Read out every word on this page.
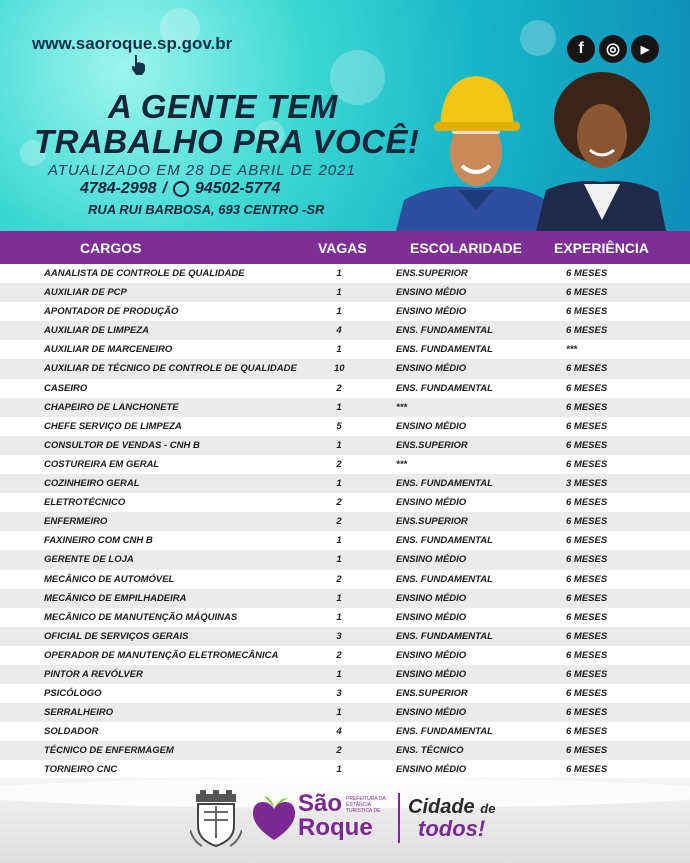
www.saoroque.sp.gov.br	f ◎ ▶
A GENTE TEM
TRABALHO PRA VOCÊ!
ATUALIZADO EM 28 DE ABRIL DE 2021
4784-2998 / 94502-5774
RUA RUI BARBOSA, 693 CENTRO -SR
CARGOS	VAGAS	ESCOLARIDADE EXPERIÊNCIA
AANALISTA DE CONTROLE DE QUALIDADE	1	ENS.SUPERIOR	6 MESES
AUXILIAR DE PCP	1	ENSINO MÉDIO	6 MESES
APONTADOR DE PRODUÇÃO	1	ENSINO MÉDIO	6 MESES
AUXILIAR DE LIMPEZA	4	ENS. FUNDAMENTAL	6 MESES
AUXILIAR DE MARCENEIRO	1	ENS. FUNDAMENTAL	***
AUXILIAR DE TÉCNICO DE CONTROLE DE QUALIDADE	10	ENSINO MÉDIO	6 MESES
CASEIRO	2	ENS. FUNDAMENTAL	6 MESES
CHAPEIRO DE LANCHONETE	1	***	6 MESES
CHEFE SERVIÇO DE LIMPEZA	5	ENSINO MÉDIO	6 MESES
CONSULTOR DE VENDAS - CNH B	1	ENS.SUPERIOR	6 MESES
COSTUREIRA EM GERAL	2	***	6 MESES
COZINHEIRO GERAL	1	ENS. FUNDAMENTAL	3 MESES
ELETROTÉCNICO	2	ENSINO MÉDIO	6 MESES
ENFERMEIRO	2	ENS.SUPERIOR	6 MESES
FAXINEIRO COM CNH B	1	ENS. FUNDAMENTAL	6 MESES
GERENTE DE LOJA	1	ENSINO MÉDIO	6 MESES
MECÂNICO DE AUTOMÓVEL	2	ENS. FUNDAMENTAL	6 MESES
MECÂNICO DE EMPILHADEIRA	1	ENSINO MÉDIO	6 MESES
MECÂNICO DE MANUTENÇÃO MÁQUINAS	1	ENSINO MÉDIO	6 MESES
OFICIAL DE SERVIÇOS GERAIS	3	ENS. FUNDAMENTAL	6 MESES
OPERADOR DE MANUTENÇÃO ELETROMECÂNICA	2	ENSINO MÉDIO	6 MESES
PINTOR A REVÓLVER	1	ENSINO MÉDIO	6 MESES
PSICÓLOGO	3	ENS.SUPERIOR	6 MESES
SERRALHEIRO	1	ENSINO MÉDIO	6 MESES
SOLDADOR	4	ENS. FUNDAMENTAL	6 MESES
TÉCNICO DE ENFERMAGEM	2	ENS. TÉCNICO	6 MESES
TORNEIRO CNC	1	ENSINO MÉDIO	6 MESES
São
Roque
PREFEITURA DA ESTÂNCIA TURÍSTICA DE	Cidade de
todos!
